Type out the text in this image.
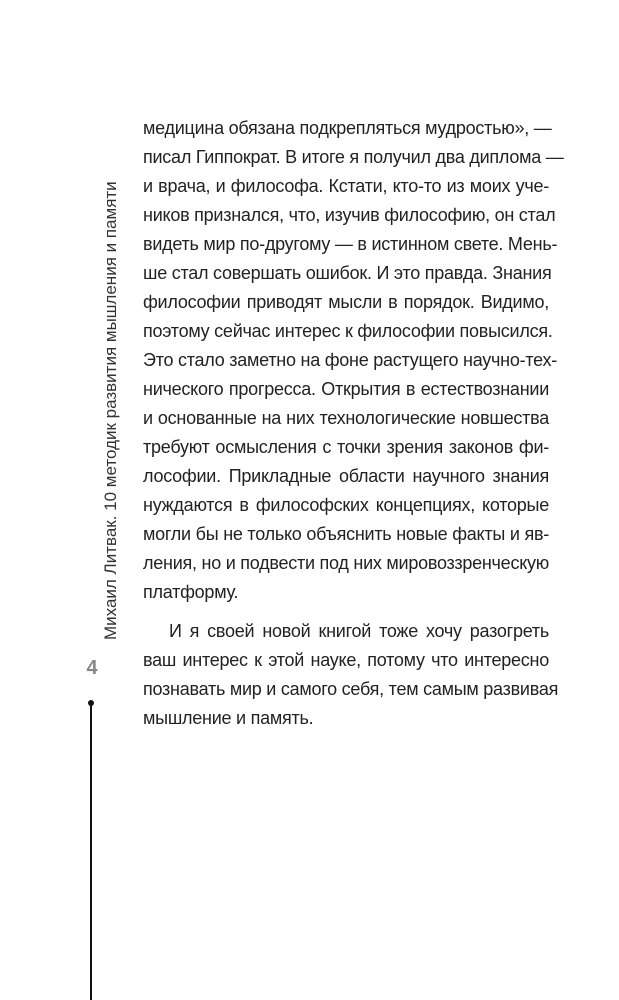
Михаил Литвак. 10 методик развития мышления и памяти
4
медицина обязана подкрепляться мудростью», —
писал Гиппократ. В итоге я получил два диплома —
и врача, и философа. Кстати, кто-то из моих уче-
ников признался, что, изучив философию, он стал
видеть мир по-другому — в истинном свете. Мень-
ше стал совершать ошибок. И это правда. Знания
философии приводят мысли в порядок. Видимо,
поэтому сейчас интерес к философии повысился.
Это стало заметно на фоне растущего научно-тех-
нического прогресса. Открытия в естествознании
и основанные на них технологические новшества
требуют осмысления с точки зрения законов фи-
лософии. Прикладные области научного знания
нуждаются в философских концепциях, которые
могли бы не только объяснить новые факты и яв-
ления, но и подвести под них мировоззренческую
платформу.
И я своей новой книгой тоже хочу разогреть
ваш интерес к этой науке, потому что интересно
познавать мир и самого себя, тем самым развивая
мышление и память.
